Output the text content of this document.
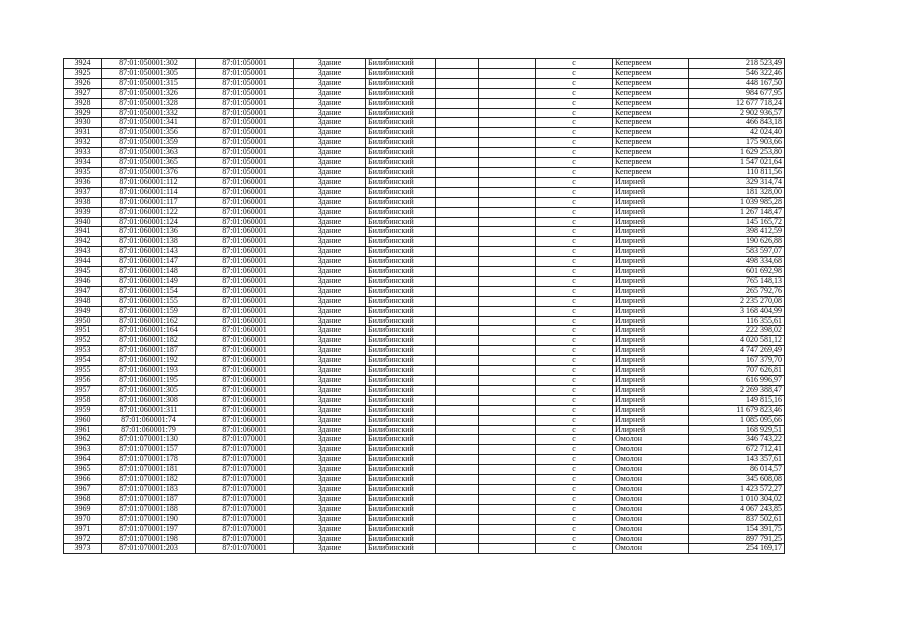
3924	87:01:050001:302	87:01:050001	Здание	Билибинский			с	Кепервеем	218 523,49
3925	87:01:050001:305	87:01:050001	Здание	Билибинский			с	Кепервеем	546 322,46
3926	87:01:050001:315	87:01:050001	Здание	Билибинский			с	Кепервеем	448 167,50
3927	87:01:050001:326	87:01:050001	Здание	Билибинский			с	Кепервеем	984 677,95
3928	87:01:050001:328	87:01:050001	Здание	Билибинский			с	Кепервеем	12 677 718,24
3929	87:01:050001:332	87:01:050001	Здание	Билибинский			с	Кепервеем	2 902 936,57
3930	87:01:050001:341	87:01:050001	Здание	Билибинский			с	Кепервеем	466 843,18
3931	87:01:050001:356	87:01:050001	Здание	Билибинский			с	Кепервеем	42 024,40
3932	87:01:050001:359	87:01:050001	Здание	Билибинский			с	Кепервеем	175 903,66
3933	87:01:050001:363	87:01:050001	Здание	Билибинский			с	Кепервеем	1 629 253,80
3934	87:01:050001:365	87:01:050001	Здание	Билибинский			с	Кепервеем	1 547 021,64
3935	87:01:050001:376	87:01:050001	Здание	Билибинский			с	Кепервеем	110 811,56
3936	87:01:060001:112	87:01:060001	Здание	Билибинский			с	Илирней	329 314,74
3937	87:01:060001:114	87:01:060001	Здание	Билибинский			с	Илирней	181 328,00
3938	87:01:060001:117	87:01:060001	Здание	Билибинский			с	Илирней	1 039 985,28
3939	87:01:060001:122	87:01:060001	Здание	Билибинский			с	Илирней	1 267 148,47
3940	87:01:060001:124	87:01:060001	Здание	Билибинский			с	Илирней	145 165,72
3941	87:01:060001:136	87:01:060001	Здание	Билибинский			с	Илирней	398 412,59
3942	87:01:060001:138	87:01:060001	Здание	Билибинский			с	Илирней	190 626,88
3943	87:01:060001:143	87:01:060001	Здание	Билибинский			с	Илирней	583 597,07
3944	87:01:060001:147	87:01:060001	Здание	Билибинский			с	Илирней	498 334,68
3945	87:01:060001:148	87:01:060001	Здание	Билибинский			с	Илирней	601 692,98
3946	87:01:060001:149	87:01:060001	Здание	Билибинский			с	Илирней	765 148,13
3947	87:01:060001:154	87:01:060001	Здание	Билибинский			с	Илирней	265 792,76
3948	87:01:060001:155	87:01:060001	Здание	Билибинский			с	Илирней	2 235 270,08
3949	87:01:060001:159	87:01:060001	Здание	Билибинский			с	Илирней	3 168 404,99
3950	87:01:060001:162	87:01:060001	Здание	Билибинский			с	Илирней	116 355,61
3951	87:01:060001:164	87:01:060001	Здание	Билибинский			с	Илирней	222 398,02
3952	87:01:060001:182	87:01:060001	Здание	Билибинский			с	Илирней	4 020 581,12
3953	87:01:060001:187	87:01:060001	Здание	Билибинский			с	Илирней	4 747 269,49
3954	87:01:060001:192	87:01:060001	Здание	Билибинский			с	Илирней	167 379,70
3955	87:01:060001:193	87:01:060001	Здание	Билибинский			с	Илирней	707 626,81
3956	87:01:060001:195	87:01:060001	Здание	Билибинский			с	Илирней	616 996,97
3957	87:01:060001:305	87:01:060001	Здание	Билибинский			с	Илирней	2 269 388,47
3958	87:01:060001:308	87:01:060001	Здание	Билибинский			с	Илирней	149 815,16
3959	87:01:060001:311	87:01:060001	Здание	Билибинский			с	Илирней	11 679 823,46
3960	87:01:060001:74	87:01:060001	Здание	Билибинский			с	Илирней	1 085 095,66
3961	87:01:060001:79	87:01:060001	Здание	Билибинский			с	Илирней	168 929,51
3962	87:01:070001:130	87:01:070001	Здание	Билибинский			с	Омолон	346 743,22
3963	87:01:070001:157	87:01:070001	Здание	Билибинский			с	Омолон	672 712,41
3964	87:01:070001:178	87:01:070001	Здание	Билибинский			с	Омолон	143 357,61
3965	87:01:070001:181	87:01:070001	Здание	Билибинский			с	Омолон	86 014,57
3966	87:01:070001:182	87:01:070001	Здание	Билибинский			с	Омолон	345 608,08
3967	87:01:070001:183	87:01:070001	Здание	Билибинский			с	Омолон	1 423 572,27
3968	87:01:070001:187	87:01:070001	Здание	Билибинский			с	Омолон	1 010 304,02
3969	87:01:070001:188	87:01:070001	Здание	Билибинский			с	Омолон	4 067 243,85
3970	87:01:070001:190	87:01:070001	Здание	Билибинский			с	Омолон	837 502,61
3971	87:01:070001:197	87:01:070001	Здание	Билибинский			с	Омолон	154 391,75
3972	87:01:070001:198	87:01:070001	Здание	Билибинский			с	Омолон	897 791,25
3973	87:01:070001:203	87:01:070001	Здание	Билибинский			с	Омолон	254 169,17
